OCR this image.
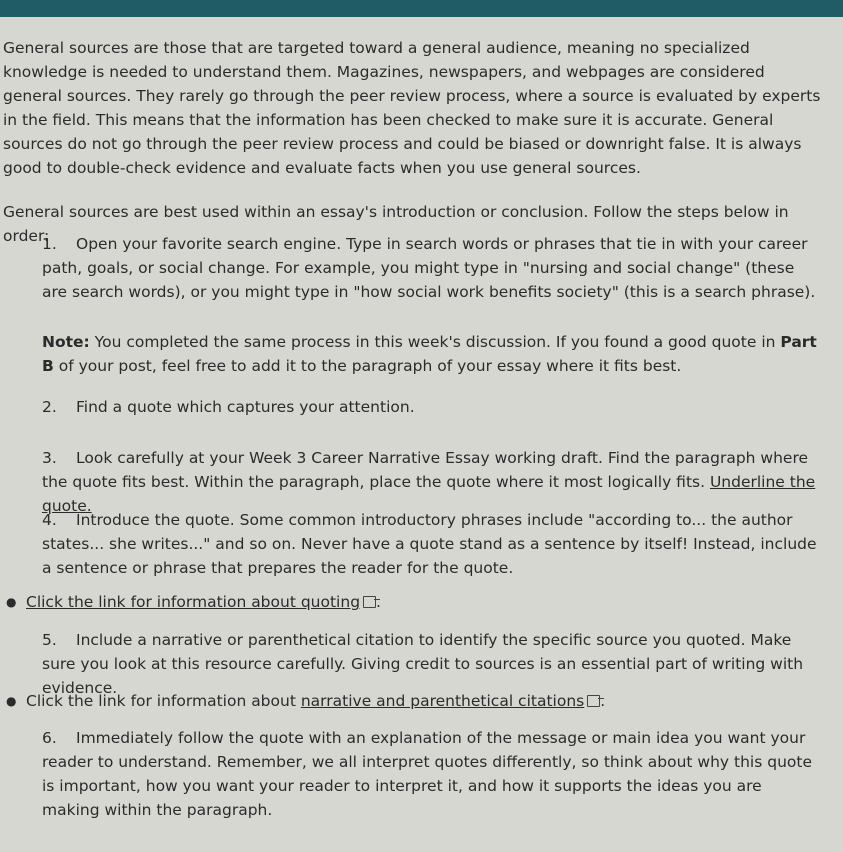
General sources are those that are targeted toward a general audience, meaning no specialized knowledge is needed to understand them. Magazines, newspapers, and webpages are considered general sources. They rarely go through the peer review process, where a source is evaluated by experts in the field. This means that the information has been checked to make sure it is accurate. General sources do not go through the peer review process and could be biased or downright false. It is always good to double-check evidence and evaluate facts when you use general sources.

General sources are best used within an essay's introduction or conclusion. Follow the steps below in order:

1. Open your favorite search engine. Type in search words or phrases that tie in with your career path, goals, or social change. For example, you might type in "nursing and social change" (these are search words), or you might type in "how social work benefits society" (this is a search phrase).

Note: You completed the same process in this week's discussion. If you found a good quote in Part B of your post, feel free to add it to the paragraph of your essay where it fits best.

2. Find a quote which captures your attention.

3. Look carefully at your Week 3 Career Narrative Essay working draft. Find the paragraph where the quote fits best. Within the paragraph, place the quote where it most logically fits. Underline the quote.

4. Introduce the quote. Some common introductory phrases include "according to... the author states... she writes..." and so on. Never have a quote stand as a sentence by itself! Instead, include a sentence or phrase that prepares the reader for the quote.

● Click the link for information about quoting .

5. Include a narrative or parenthetical citation to identify the specific source you quoted. Make sure you look at this resource carefully. Giving credit to sources is an essential part of writing with evidence.

● Click the link for information about narrative and parenthetical citations .

6. Immediately follow the quote with an explanation of the message or main idea you want your reader to understand. Remember, we all interpret quotes differently, so think about why this quote is important, how you want your reader to interpret it, and how it supports the ideas you are making within the paragraph.
